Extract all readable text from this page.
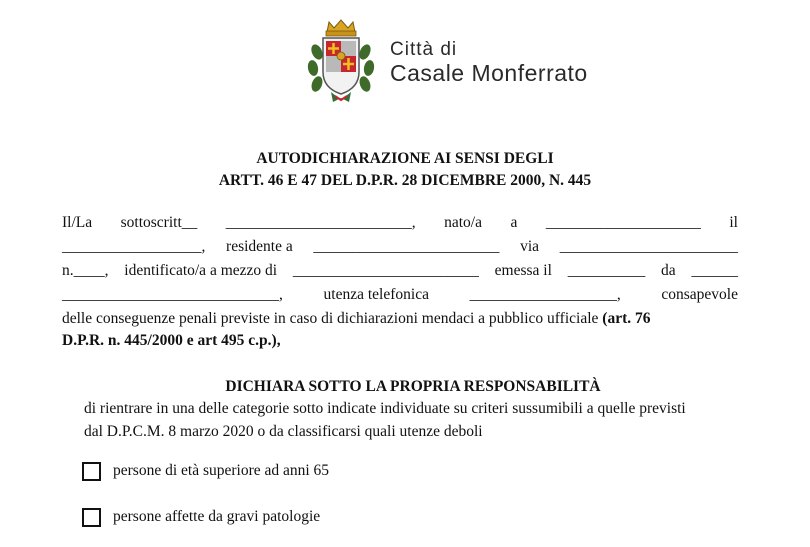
Città di
Casale Monferrato
AUTODICHIARAZIONE AI SENSI DEGLI
ARTT. 46 E 47 DEL D.P.R. 28 DICEMBRE 2000, N. 445
Il/La sottoscritt__ ________________________, nato/a a ____________________ il
__________________, residente a ________________________ via _______________________
n.____, identificato/a a mezzo di ________________________ emessa il __________ da ______
____________________________,	utenza telefonica	___________________,	consapevole
delle conseguenze penali previste in caso di dichiarazioni mendaci a pubblico ufficiale (art. 76
D.P.R. n. 445/2000 e art 495 c.p.),
DICHIARA SOTTO LA PROPRIA RESPONSABILITÀ
di rientrare in una delle categorie sotto indicate individuate su criteri sussumibili a quelle previsti
dal D.P.C.M. 8 marzo 2020 o da classificarsi quali utenze deboli
persone di età superiore ad anni 65
persone affette da gravi patologie
